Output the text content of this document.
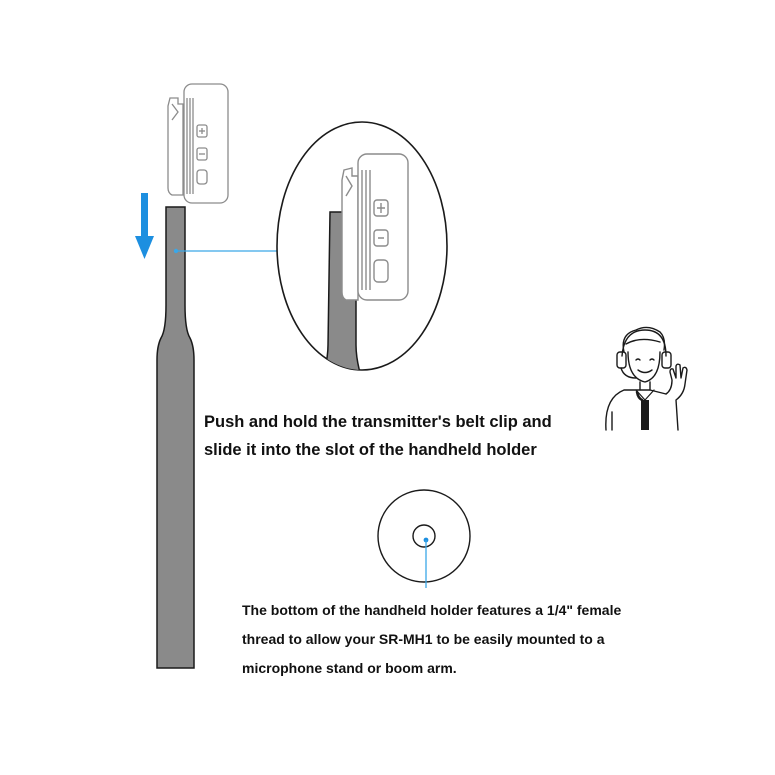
Push and hold the transmitter's belt clip and
slide it into the slot of the handheld holder

The bottom of the handheld holder features a 1/4" female
thread to allow your SR-MH1 to be easily mounted to a
microphone stand or boom arm.
